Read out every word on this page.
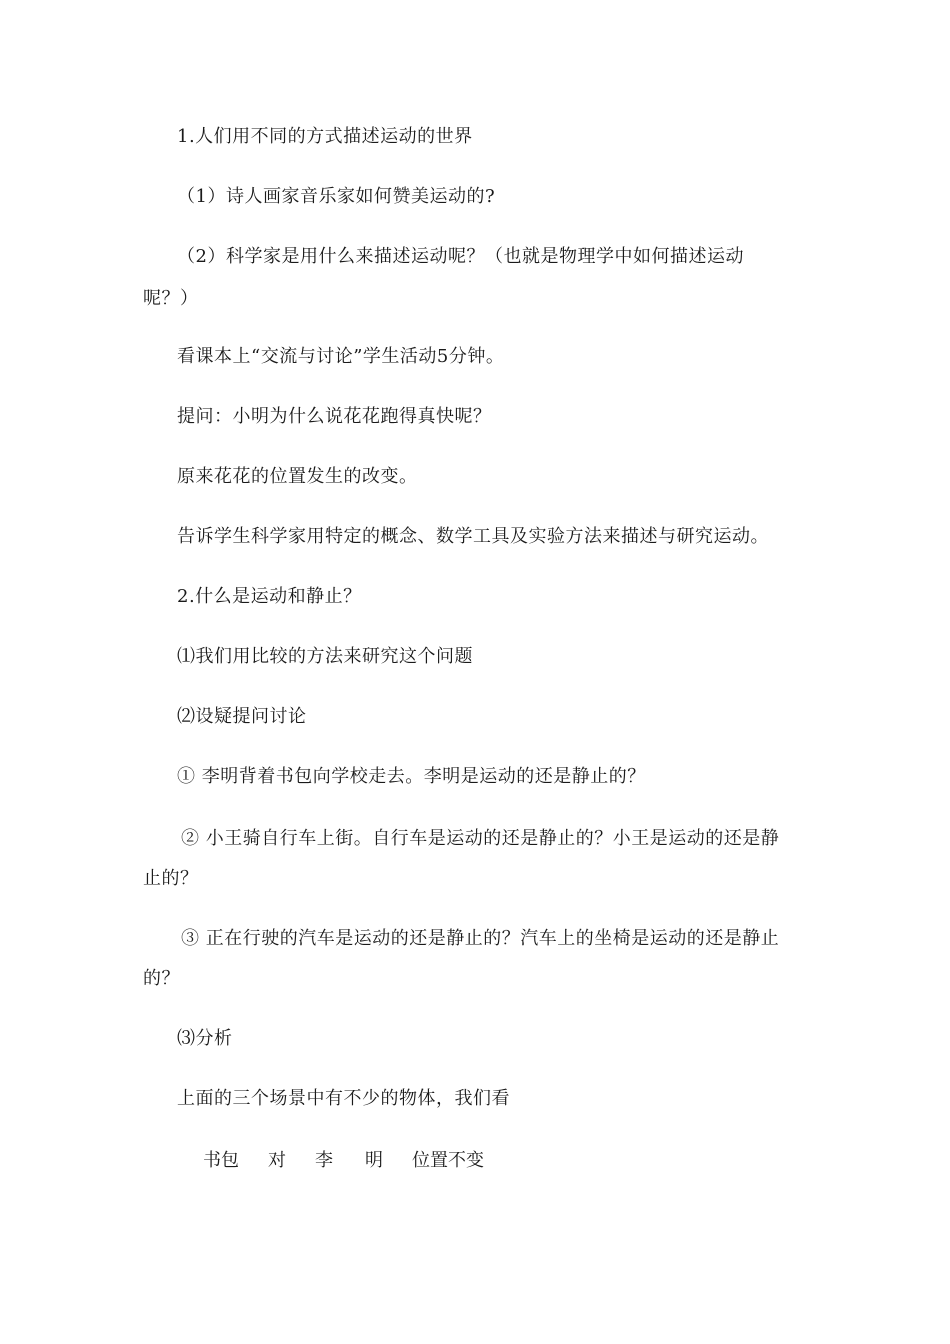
1.人们用不同的方式描述运动的世界
（1）诗人画家音乐家如何赞美运动的?
（2）科学家是用什么来描述运动呢？（也就是物理学中如何描述运动
呢？）
看课本上“交流与讨论”学生活动5分钟。
提问：小明为什么说花花跑得真快呢？
原来花花的位置发生的改变。
告诉学生科学家用特定的概念、数学工具及实验方法来描述与研究运动。
2.什么是运动和静止？
⑴我们用比较的方法来研究这个问题
⑵设疑提问讨论
① 李明背着书包向学校走去。李明是运动的还是静止的？
② 小王骑自行车上街。自行车是运动的还是静止的？小王是运动的还是静
止的？
③ 正在行驶的汽车是运动的还是静止的？汽车上的坐椅是运动的还是静止
的？
⑶分析
上面的三个场景中有不少的物体，我们看
书包 对 李 明 位置不变
